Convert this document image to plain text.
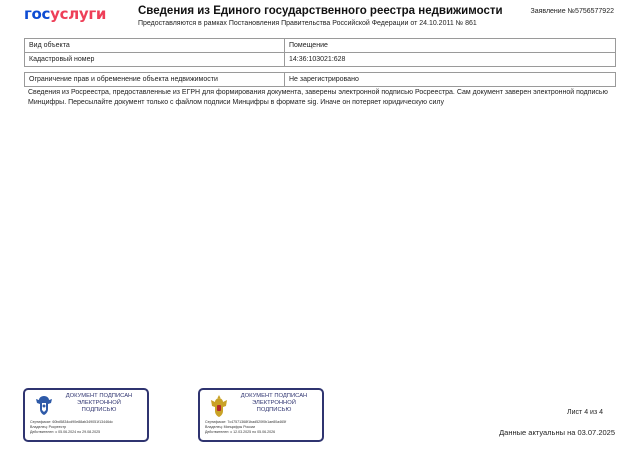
госуслуги	Сведения из Единого государственного реестра недвижимости
Предоставляются в рамках Постановления Правительства Российской Федерации от 24.10.2011 № 861
Заявление №5756577922
Вид объекта	Помещение
Кадастровый номер	14:36:103021:628
Ограничение прав и обременение объекта недвижимости	Не зарегистрировано
Сведения из Росреестра, предоставленные из ЕГРН для формирования документа, заверены электронной подписью Росреестра. Сам документ заверен электронной подписью Минцифры. Пересылайте документ только с файлом подписи Минцифры в формате sig. Иначе он потеряет юридическую силу
ДОКУМЕНТ ПОДПИСАН
ЭЛЕКТРОННОЙ
ПОДПИСЬЮ
Сертификат: 60bd5834cd90e88ab349051f13446dc
Владелец: Росреестр
Действителен: с 05.06.2024 по 29.08.2025
ДОКУМЕНТ ПОДПИСАН
ЭЛЕКТРОННОЙ
ПОДПИСЬЮ
Сертификат: 7c47571368f1bad520f0b1ae80a465f
Владелец: Минцифры России
Действителен: с 12.03.2025 по 05.06.2026
Лист 4 из 4
Данные актуальны на 03.07.2025
